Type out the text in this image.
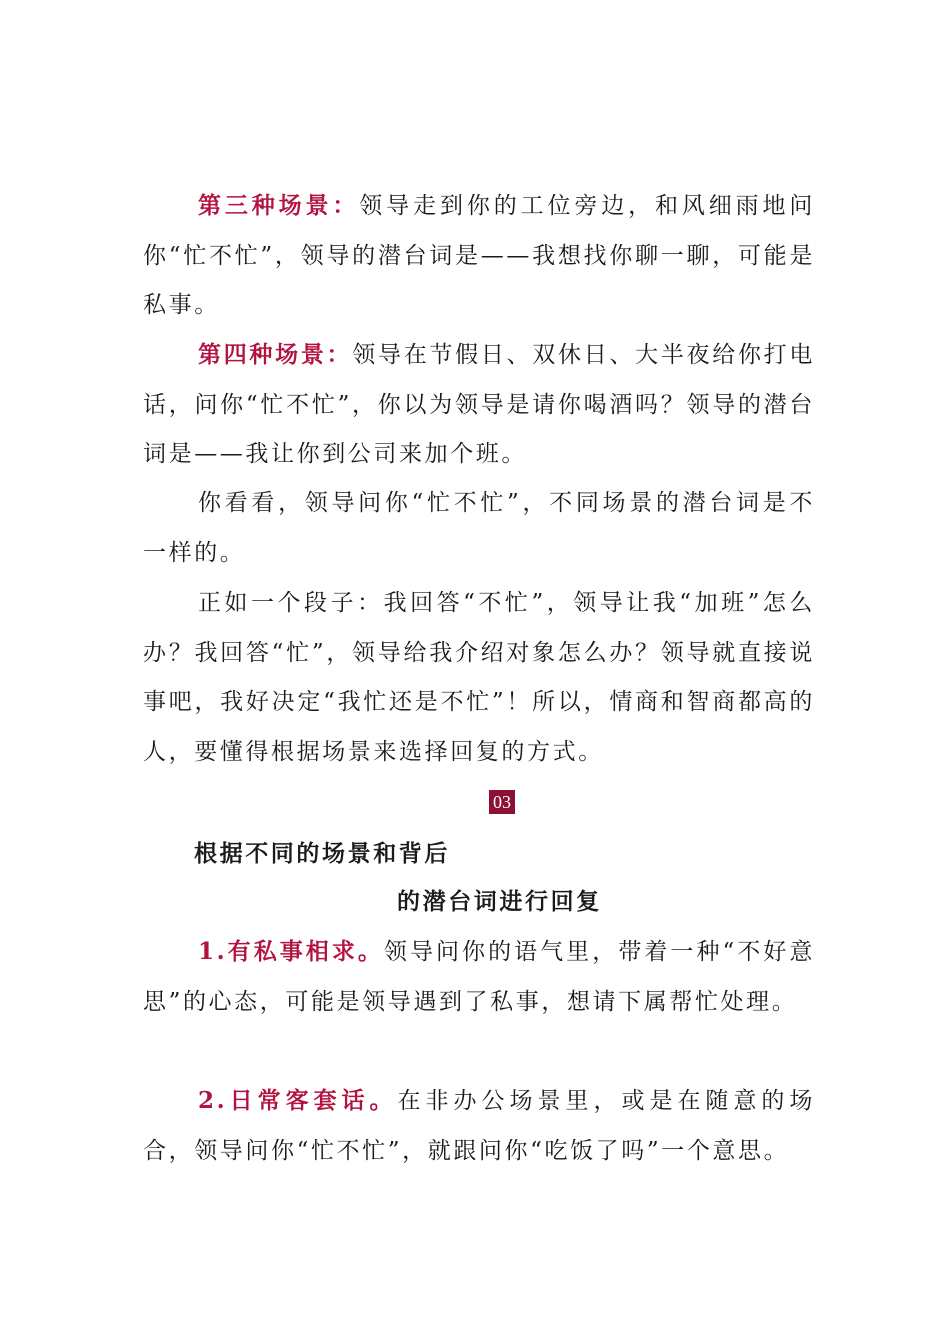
第三种场景：领导走到你的工位旁边，和风细雨地问你“忙不忙”，领导的潜台词是——我想找你聊一聊，可能是私事。

第四种场景：领导在节假日、双休日、大半夜给你打电话，问你“忙不忙”，你以为领导是请你喝酒吗？领导的潜台词是——我让你到公司来加个班。

你看看，领导问你“忙不忙”，不同场景的潜台词是不一样的。

正如一个段子：我回答“不忙”，领导让我“加班”怎么办？我回答“忙”，领导给我介绍对象怎么办？领导就直接说事吧，我好决定“我忙还是不忙”！所以，情商和智商都高的人，要懂得根据场景来选择回复的方式。

03

根据不同的场景和背后

的潜台词进行回复

1.有私事相求。领导问你的语气里，带着一种“不好意思”的心态，可能是领导遇到了私事，想请下属帮忙处理。

2.日常客套话。在非办公场景里，或是在随意的场合，领导问你“忙不忙”，就跟问你“吃饭了吗”一个意思。
